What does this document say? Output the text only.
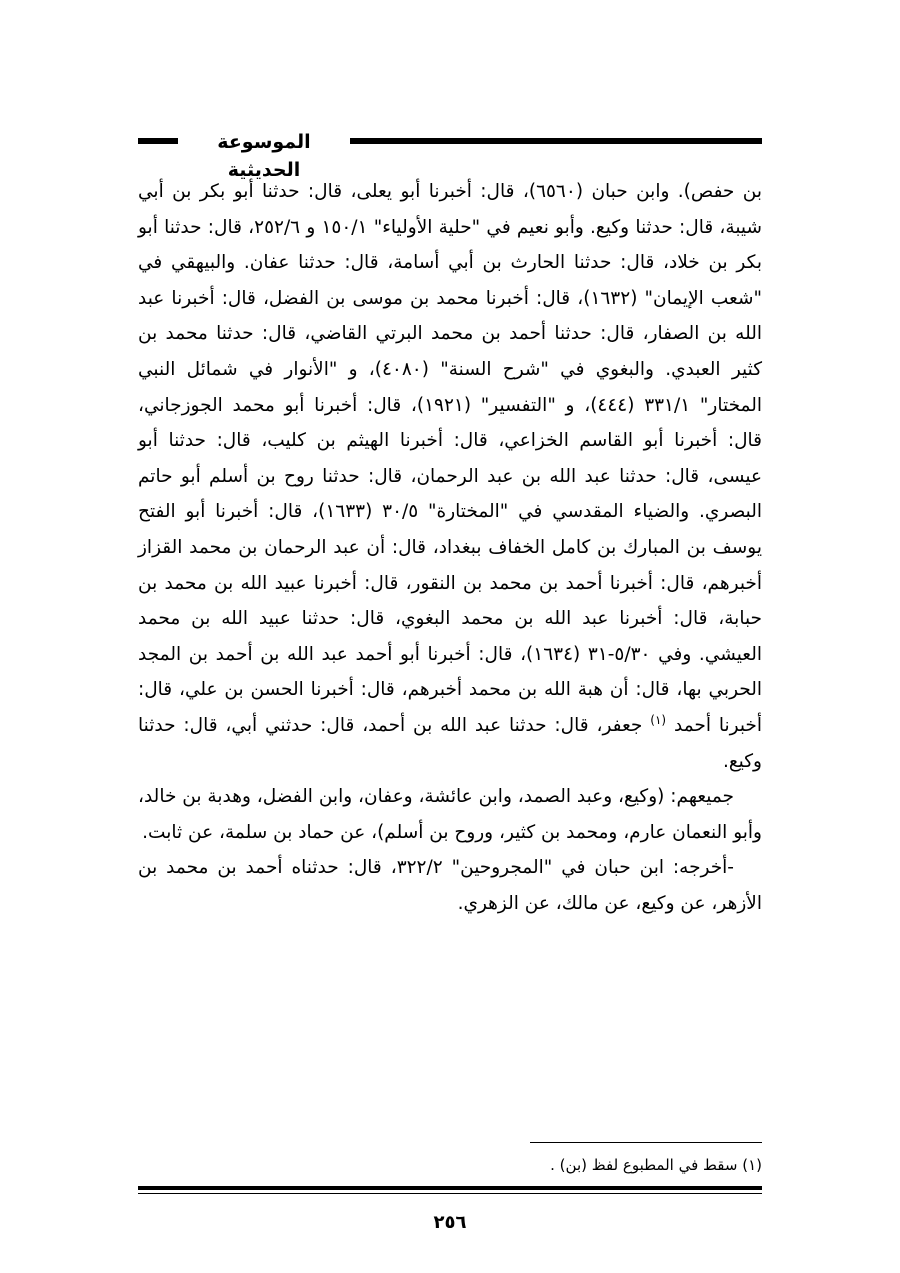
الموسوعة الحديثية

بن حفص). وابن حبان (٦٥٦٠)، قال: أخبرنا أبو يعلى، قال: حدثنا أبو بكر بن أبي شيبة، قال: حدثنا وكيع. وأبو نعيم في "حلية الأولياء" ١٥٠/١ و ٢٥٢/٦، قال: حدثنا أبو بكر بن خلاد، قال: حدثنا الحارث بن أبي أسامة، قال: حدثنا عفان. والبيهقي في "شعب الإيمان" (١٦٣٢)، قال: أخبرنا محمد بن موسى بن الفضل، قال: أخبرنا عبد الله بن الصفار، قال: حدثنا أحمد بن محمد البرتي القاضي، قال: حدثنا محمد بن كثير العبدي. والبغوي في "شرح السنة" (٤٠٨٠)، و "الأنوار في شمائل النبي المختار" ٣٣١/١ (٤٤٤)، و "التفسير" (١٩٢١)، قال: أخبرنا أبو محمد الجوزجاني، قال: أخبرنا أبو القاسم الخزاعي، قال: أخبرنا الهيثم بن كليب، قال: حدثنا أبو عيسى، قال: حدثنا عبد الله بن عبد الرحمان، قال: حدثنا روح بن أسلم أبو حاتم البصري. والضياء المقدسي في "المختارة" ٣٠/٥ (١٦٣٣)، قال: أخبرنا أبو الفتح يوسف بن المبارك بن كامل الخفاف ببغداد، قال: أن عبد الرحمان بن محمد القزاز أخبرهم، قال: أخبرنا أحمد بن محمد بن النقور، قال: أخبرنا عبيد الله بن محمد بن حبابة، قال: أخبرنا عبد الله بن محمد البغوي، قال: حدثنا عبيد الله بن محمد العيشي. وفي ٥/٣٠-٣١ (١٦٣٤)، قال: أخبرنا أبو أحمد عبد الله بن أحمد بن المجد الحربي بها، قال: أن هبة الله بن محمد أخبرهم، قال: أخبرنا الحسن بن علي، قال: أخبرنا أحمد $^{(١)}$ جعفر، قال: حدثنا عبد الله بن أحمد، قال: حدثني أبي، قال: حدثنا وكيع.

جميعهم: (وكيع، وعبد الصمد، وابن عائشة، وعفان، وابن الفضل، وهدبة بن خالد، وأبو النعمان عارم، ومحمد بن كثير، وروح بن أسلم)، عن حماد بن سلمة، عن ثابت.

-أخرجه: ابن حبان في "المجروحين" ٣٢٢/٢، قال: حدثناه أحمد بن محمد بن الأزهر، عن وكيع، عن مالك، عن الزهري.

(١) سقط في المطبوع لفظ (بن) .
٢٥٦
